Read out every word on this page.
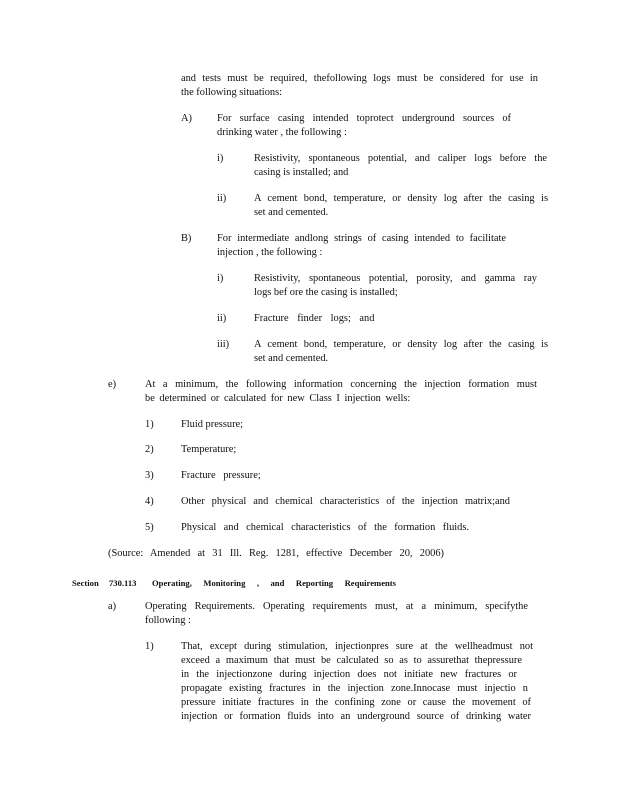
and tests must be required, thefollowing logs must be considered for use in
the following situations:
A) For surface casing intended toprotect underground sources of
drinking water , the following :
i)	Resistivity, spontaneous potential, and caliper logs before the
casing is installed; and
ii)	A cement bond, temperature, or density log after the casing is
set and cemented.
B) For intermediate andlong strings of casing intended to facilitate
injection , the following :
i)	Resistivity, spontaneous potential, porosity, and gamma ray
logs bef ore the casing is installed;
ii)	Fracture finder logs; and
iii) A cement bond, temperature, or density log after the casing is
set and cemented.
e)	At a minimum, the following information concerning the injection formation must
be determined or calculated for new Class I injection wells:
1)	Fluid pressure;
2)	Temperature;
3)	Fracture pressure;
4)	Other physical and chemical characteristics of the injection matrix;and
5)	Physical and chemical characteristics of the formation fluids.
(Source: Amended at 31 Ill. Reg. 1281, effective December 20, 2006)
Section 730.113 Operating, Monitoring , and Reporting Requirements
a)	Operating Requirements. Operating requirements must, at a minimum, specifythe
following :
1)	That, except during stimulation, injectionpres sure at the wellheadmust not
exceed a maximum that must be calculated so as to assurethat thepressure
in the injectionzone during injection does not initiate new fractures or
propagate existing fractures in the injection zone.Innocase must injectio n
pressure initiate fractures in the confining zone or cause the movement of
injection or formation fluids into an underground source of drinking water
